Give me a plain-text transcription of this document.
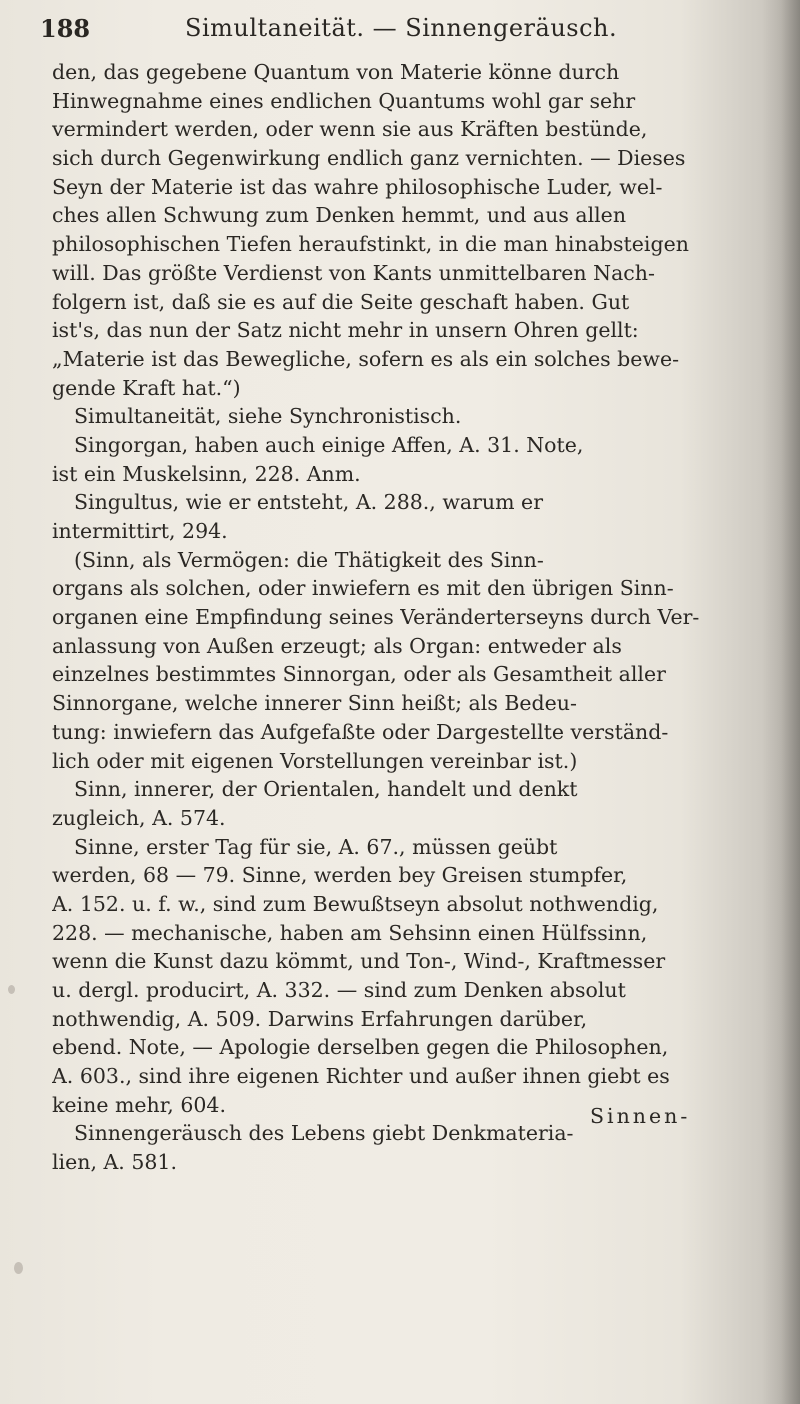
188	Simultaneität. — Sinnengeräusch.
den, das gegebene Quantum von Materie könne durch
Hinwegnahme eines endlichen Quantums wohl gar sehr
vermindert werden, oder wenn sie aus Kräften bestünde,
sich durch Gegenwirkung endlich ganz vernichten. — Dieses
Seyn der Materie ist das wahre philosophische Luder, wel-
ches allen Schwung zum Denken hemmt, und aus allen
philosophischen Tiefen heraufstinkt, in die man hinabsteigen
will. Das größte Verdienst von Kants unmittelbaren Nach-
folgern ist, daß sie es auf die Seite geschaft haben. Gut
ist's, das nun der Satz nicht mehr in unsern Ohren gellt:
„Materie ist das Bewegliche, sofern es als ein solches bewe-
gende Kraft hat.“)
Simultaneität, siehe Synchronistisch.
Singorgan, haben auch einige Affen, A. 31. Note,
ist ein Muskelsinn, 228. Anm.
Singultus, wie er entsteht, A. 288., warum er
intermittirt, 294.
(Sinn, als Vermögen: die Thätigkeit des Sinn-
organs als solchen, oder inwiefern es mit den übrigen Sinn-
organen eine Empfindung seines Veränderterseyns durch Ver-
anlassung von Außen erzeugt; als Organ: entweder als
einzelnes bestimmtes Sinnorgan, oder als Gesamtheit aller
Sinnorgane, welche innerer Sinn heißt; als Bedeu-
tung: inwiefern das Aufgefaßte oder Dargestellte verständ-
lich oder mit eigenen Vorstellungen vereinbar ist.)
Sinn, innerer, der Orientalen, handelt und denkt
zugleich, A. 574.
Sinne, erster Tag für sie, A. 67., müssen geübt
werden, 68 — 79. Sinne, werden bey Greisen stumpfer,
A. 152. u. f. w., sind zum Bewußtseyn absolut nothwendig,
228. — mechanische, haben am Sehsinn einen Hülfssinn,
wenn die Kunst dazu kömmt, und Ton-, Wind-, Kraftmesser
u. dergl. producirt, A. 332. — sind zum Denken absolut
nothwendig, A. 509. Darwins Erfahrungen darüber,
ebend. Note, — Apologie derselben gegen die Philosophen,
A. 603., sind ihre eigenen Richter und außer ihnen giebt es
keine mehr, 604.
Sinnengeräusch des Lebens giebt Denkmateria-
lien, A. 581.
Sinnen-
